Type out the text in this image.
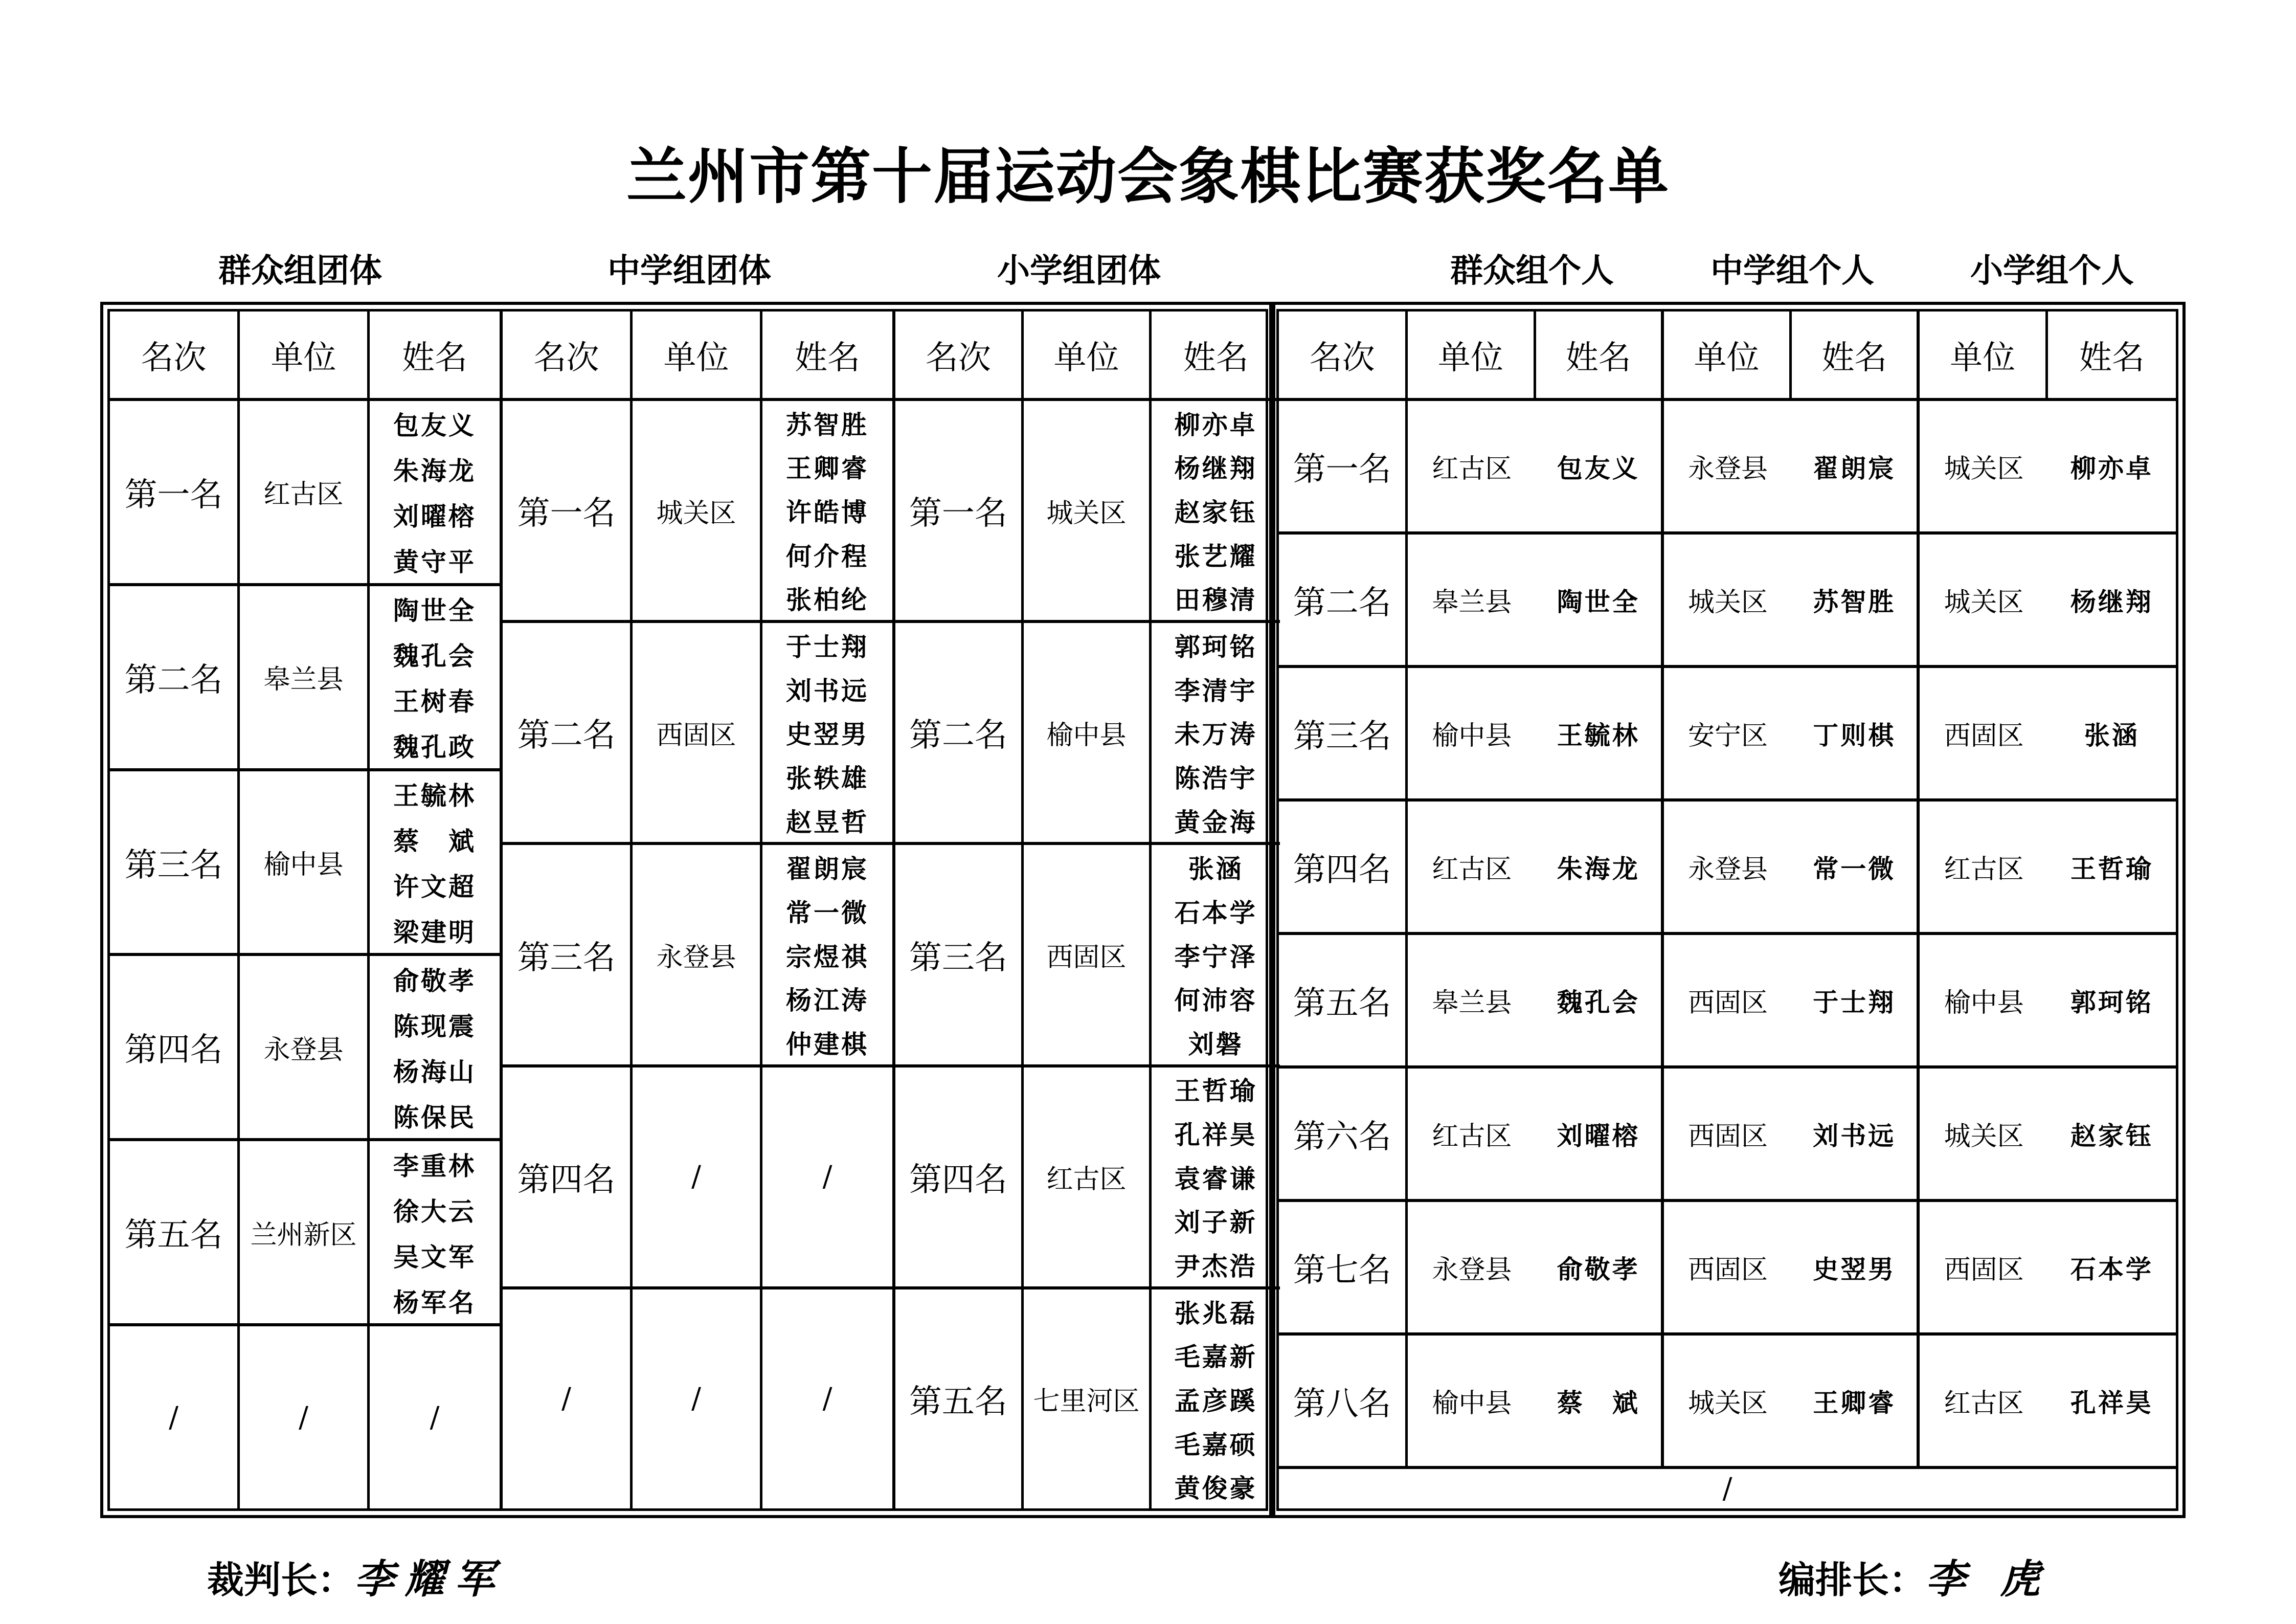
兰州市第十届运动会象棋比赛获奖名单
群众组团体	中学组团体	小学组团体	群众组个人	中学组个人	小学组个人
名次	单位	姓名
第一名	红古区
包友义
朱海龙
刘曜榕
黄守平
第二名	皋兰县
陶世全
魏孔会
王树春
魏孔政
第三名	榆中县
王毓林
蔡　斌
许文超
梁建明
第四名	永登县
俞敬孝
陈现震
杨海山
陈保民
第五名	兰州新区
李重林
徐大云
吴文军
杨军名
/	/	/
名次	单位	姓名
第一名	城关区
苏智胜
王卿睿
许皓博
何介程
张柏纶
第二名	西固区
于士翔
刘书远
史翌男
张轶雄
赵昱哲
第三名	永登县
翟朗宸
常一微
宗煜祺
杨江涛
仲建棋
第四名	/	/
/	/	/
名次	单位	姓名
第一名	城关区
柳亦卓
杨继翔
赵家钰
张艺耀
田穆清
第二名	榆中县
郭珂铭
李清宇
未万涛
陈浩宇
黄金海
第三名	西固区
张涵
石本学
李宁泽
何沛容
刘磐
第四名	红古区
王哲瑜
孔祥昊
袁睿谦
刘子新
尹杰浩
第五名 七里河区
张兆磊
毛嘉新
孟彦蹊
毛嘉硕
黄俊豪
名次	单位	姓名	单位	姓名	单位	姓名
第一名	红古区	包友义	永登县	翟朗宸	城关区	柳亦卓
第二名	皋兰县	陶世全	城关区	苏智胜	城关区	杨继翔
第三名	榆中县	王毓林	安宁区	丁则棋	西固区	张涵
第四名	红古区	朱海龙	永登县	常一微	红古区	王哲瑜
第五名	皋兰县	魏孔会	西固区	于士翔	榆中县	郭珂铭
第六名	红古区	刘曜榕	西固区	刘书远	城关区	赵家钰
第七名	永登县	俞敬孝	西固区	史翌男	西固区	石本学
第八名	榆中县	蔡　斌	城关区	王卿睿	红古区	孔祥昊
/
裁判长：李耀军	编排长：李 虎
